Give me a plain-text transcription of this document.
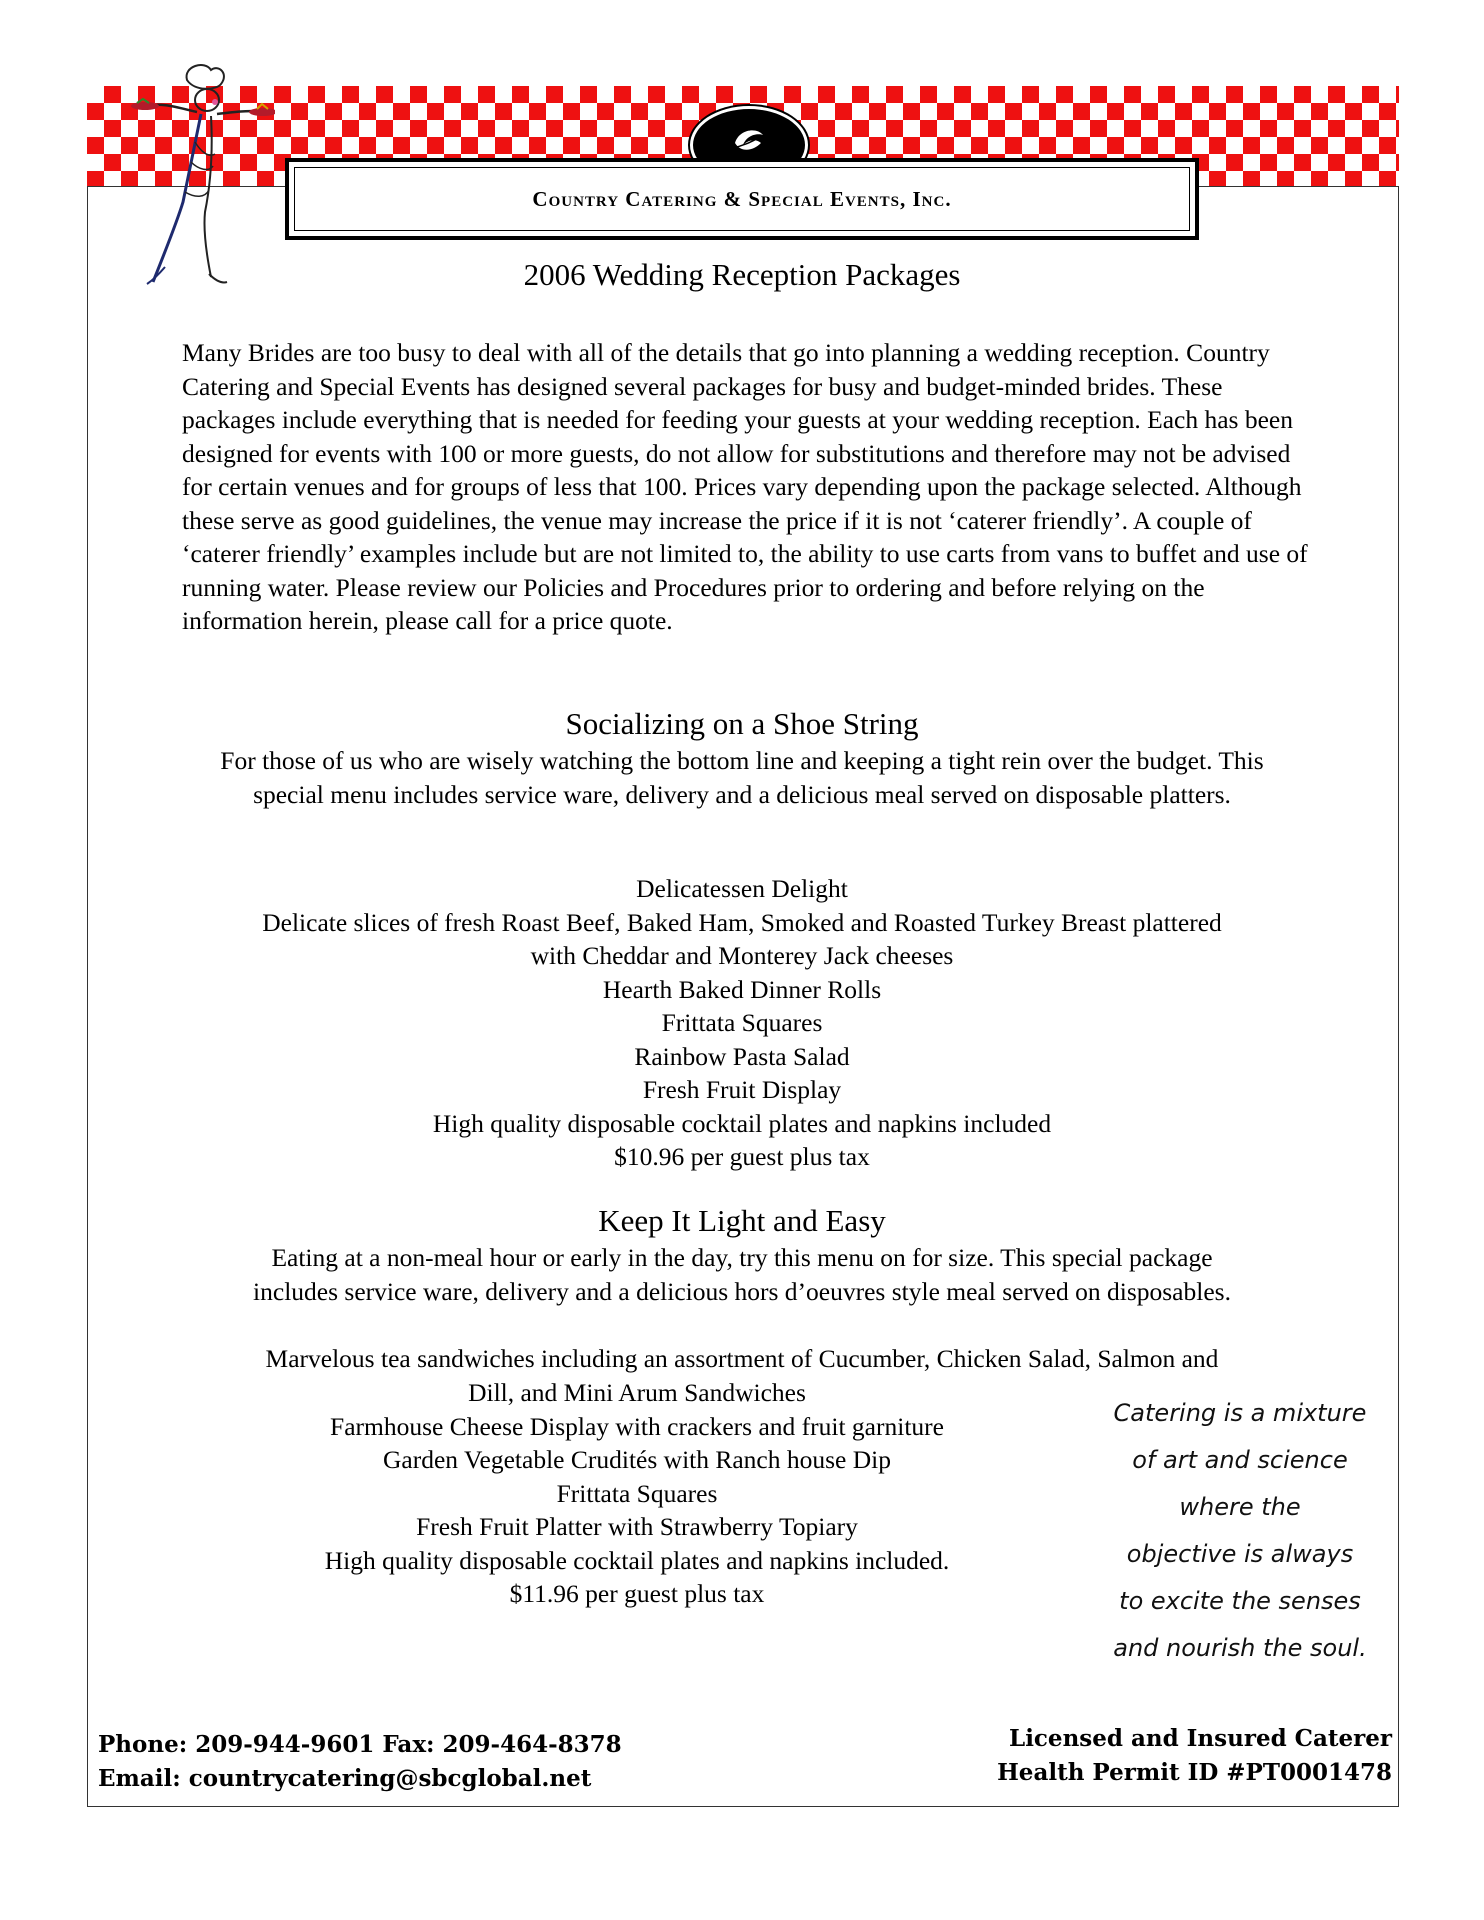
Country Catering & Special Events, Inc.
2006 Wedding Reception Packages
Many Brides are too busy to deal with all of the details that go into planning a wedding reception. Country Catering and Special Events has designed several packages for busy and budget-minded brides. These packages include everything that is needed for feeding your guests at your wedding reception. Each has been designed for events with 100 or more guests, do not allow for substitutions and therefore may not be advised for certain venues and for groups of less that 100. Prices vary depending upon the package selected. Although these serve as good guidelines, the venue may increase the price if it is not ‘caterer friendly’. A couple of ‘caterer friendly’ examples include but are not limited to, the ability to use carts from vans to buffet and use of running water. Please review our Policies and Procedures prior to ordering and before relying on the information herein, please call for a price quote.
Socializing on a Shoe String
For those of us who are wisely watching the bottom line and keeping a tight rein over the budget. This special menu includes service ware, delivery and a delicious meal served on disposable platters.
Delicatessen Delight
Delicate slices of fresh Roast Beef, Baked Ham, Smoked and Roasted Turkey Breast plattered
with Cheddar and Monterey Jack cheeses
Hearth Baked Dinner Rolls
Frittata Squares
Rainbow Pasta Salad
Fresh Fruit Display
High quality disposable cocktail plates and napkins included
$10.96 per guest plus tax
Keep It Light and Easy
Eating at a non-meal hour or early in the day, try this menu on for size. This special package
includes service ware, delivery and a delicious hors d’oeuvres style meal served on disposables.
Marvelous tea sandwiches including an assortment of Cucumber, Chicken Salad, Salmon and
Dill, and Mini Arum Sandwiches
Farmhouse Cheese Display with crackers and fruit garniture
Garden Vegetable Crudités with Ranch house Dip
Frittata Squares
Fresh Fruit Platter with Strawberry Topiary
High quality disposable cocktail plates and napkins included.
$11.96 per guest plus tax
Catering is a mixture
of art and science
where the
objective is always
to excite the senses
and nourish the soul.
Phone: 209-944-9601 Fax: 209-464-8378
Email: countrycatering@sbcglobal.net
Licensed and Insured Caterer
Health Permit ID #PT0001478
